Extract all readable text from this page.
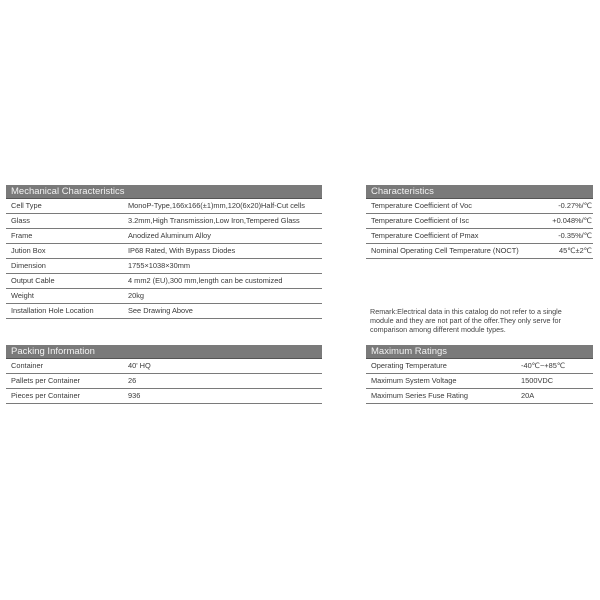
Mechanical Characteristics
Cell Type	MonoP-Type,166x166(±1)mm,120(6x20)Half-Cut cells
Glass	3.2mm,High Transmission,Low Iron,Tempered Glass
Frame	Anodized Aluminum Alloy
Jution Box	IP68 Rated, With Bypass Diodes
Dimension	1755×1038×30mm
Output Cable	4 mm2 (EU),300 mm,length can be customized
Weight	20kg
Installation Hole Location	See Drawing Above
Packing Information
Container	40' HQ
Pallets per Container	26
Pieces per Container	936
Characteristics
Temperature Coefficient of Voc	-0.27%/℃
Temperature Coefficient of Isc	+0.048%/℃
Temperature Coefficient of Pmax	-0.35%/℃
Nominal Operating Cell Temperature (NOCT)	45℃±2℃
Remark:Electrical data in this catalog do not refer to a single
module and they are not part of the offer.They only serve for
comparison among different module types.
Maximum Ratings
Operating Temperature	-40℃~+85℃
Maximum System Voltage	1500VDC
Maximum Series Fuse Rating	20A
